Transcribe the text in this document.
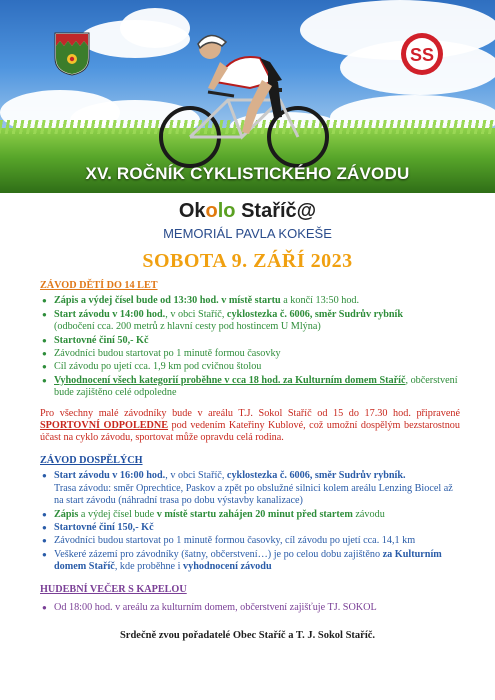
SS
XV. ROČNÍK CYKLISTICKÉHO ZÁVODU
Okolo Staříč@
MEMORIÁL PAVLA KOKEŠE
SOBOTA 9. ZÁŘÍ 2023
ZÁVOD DĚTÍ DO 14 LET
● Zápis a výdej čísel bude od 13:30 hod. v místě startu a končí 13:50 hod.
● Start závodu v 14:00 hod., v obci Staříč, cyklostezka č. 6006, směr Sudrův rybník
(odbočení cca. 200 metrů z hlavní cesty pod hostincem U Mlýna)
● Startovné činí 50,- Kč
● Závodníci budou startovat po 1 minutě formou časovky
● Cíl závodu po ujetí cca. 1,9 km pod cvičnou štolou
● Vyhodnocení všech kategorií proběhne v cca 18 hod. za Kulturním domem Staříč, občerstvení bude zajištěno celé odpoledne
Pro všechny malé závodníky bude v areálu T.J. Sokol Staříč od 15 do 17.30 hod. připravené SPORTOVNÍ ODPOLEDNE pod vedením Kateřiny Kublové, což umožní dospělým bezstarostnou účast na cyklo závodu, sportovat může opravdu celá rodina.
ZÁVOD DOSPĚLÝCH
● Start závodu v 16:00 hod., v obci Staříč, cyklostezka č. 6006, směr Sudrův rybník.
Trasa závodu: směr Oprechtice, Paskov a zpět po obslužné silnici kolem areálu Lenzing Biocel až na start závodu (náhradní trasa po dobu výstavby kanalizace)
● Zápis a výdej čísel bude v místě startu zahájen 20 minut před startem závodu
● Startovné činí 150,- Kč
● Závodníci budou startovat po 1 minutě formou časovky, cíl závodu po ujetí cca. 14,1 km
● Veškeré zázemí pro závodníky (šatny, občerstvení…) je po celou dobu zajištěno za Kulturním domem Staříč, kde proběhne i vyhodnocení závodu
HUDEBNÍ VEČER S KAPELOU
● Od 18:00 hod. v areálu za kulturním domem, občerstvení zajišťuje TJ. SOKOL
Srdečně zvou pořadatelé Obec Staříč a T. J. Sokol Staříč.
